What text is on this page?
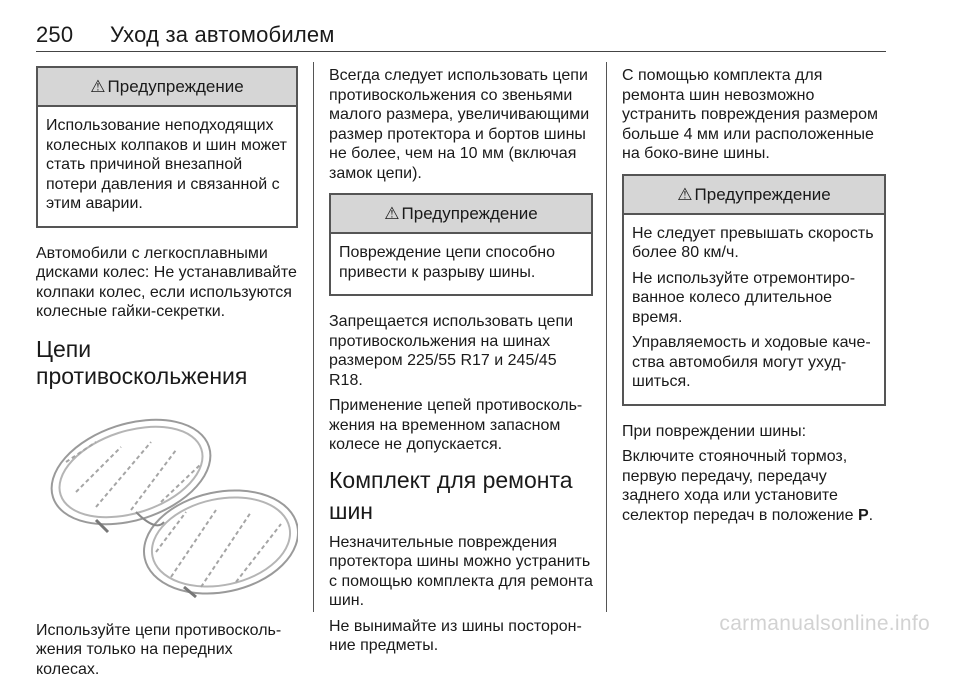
250 Уход за автомобилем
⚠ Предупреждение

Использование неподходящих колесных колпаков и шин может стать причиной внезапной потери давления и связанной с этим аварии.

Автомобили с легкосплавными дисками колес: Не устанавливайте колпаки колес, если используются колесные гайки-секретки.

Цепи противоскольжения

Используйте цепи противосколь-жения только на передних колесах.

Всегда следует использовать цепи противоскольжения со звеньями малого размера, увеличивающими размер протектора и бортов шины не более, чем на 10 мм (включая замок цепи).

⚠ Предупреждение

Повреждение цепи способно привести к разрыву шины.

Запрещается использовать цепи противоскольжения на шинах размером 225/55 R17 и 245/45 R18.

Применение цепей противосколь-жения на временном запасном колесе не допускается.

Комплект для ремонта шин

Незначительные повреждения протектора шины можно устранить с помощью комплекта для ремонта шин.

Не вынимайте из шины посторон-ние предметы.

С помощью комплекта для ремонта шин невозможно устранить повреждения размером больше 4 мм или расположенные на боко-вине шины.

⚠ Предупреждение

Не следует превышать скорость более 80 км/ч.

Не используйте отремонтиро-ванное колесо длительное время.

Управляемость и ходовые каче-ства автомобиля могут ухуд-шиться.

При повреждении шины:

Включите стояночный тормоз, первую передачу, передачу заднего хода или установите селектор передач в положение P.

carmanualsonline.info
